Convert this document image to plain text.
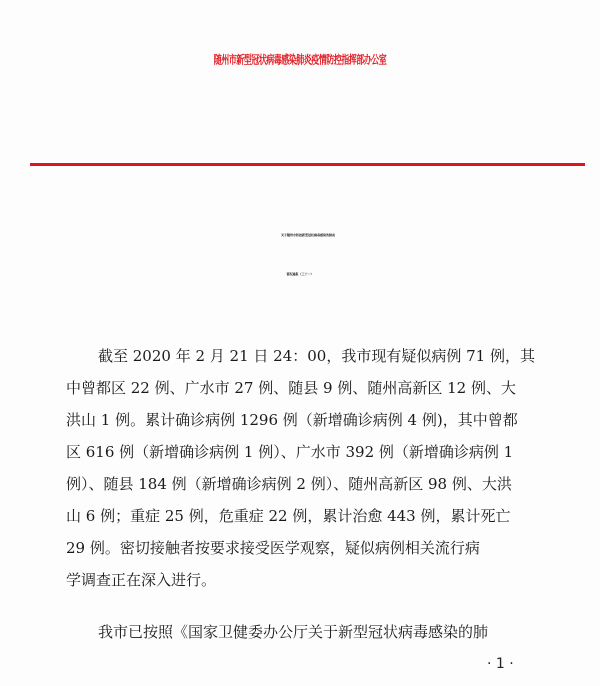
随州市新型冠状病毒感染肺炎疫情防控指挥部办公室
关于随州市防控新型冠状病毒感染的肺炎
情况通报（三十一）
截至 2020 年 2 月 21 日 24：00，我市现有疑似病例 71 例，其
中曾都区 22 例、广水市 27 例、随县 9 例、随州高新区 12 例、大
洪山 1 例。累计确诊病例 1296 例（新增确诊病例 4 例)，其中曾都
区 616 例（新增确诊病例 1 例）、广水市 392 例（新增确诊病例 1
例）、随县 184 例（新增确诊病例 2 例）、随州高新区 98 例、大洪
山 6 例；重症 25 例，危重症 22 例，累计治愈 443 例，累计死亡
29 例。密切接触者按要求接受医学观察，疑似病例相关流行病
学调查正在深入进行。
我市已按照《国家卫健委办公厅关于新型冠状病毒感染的肺
· 1 ·
